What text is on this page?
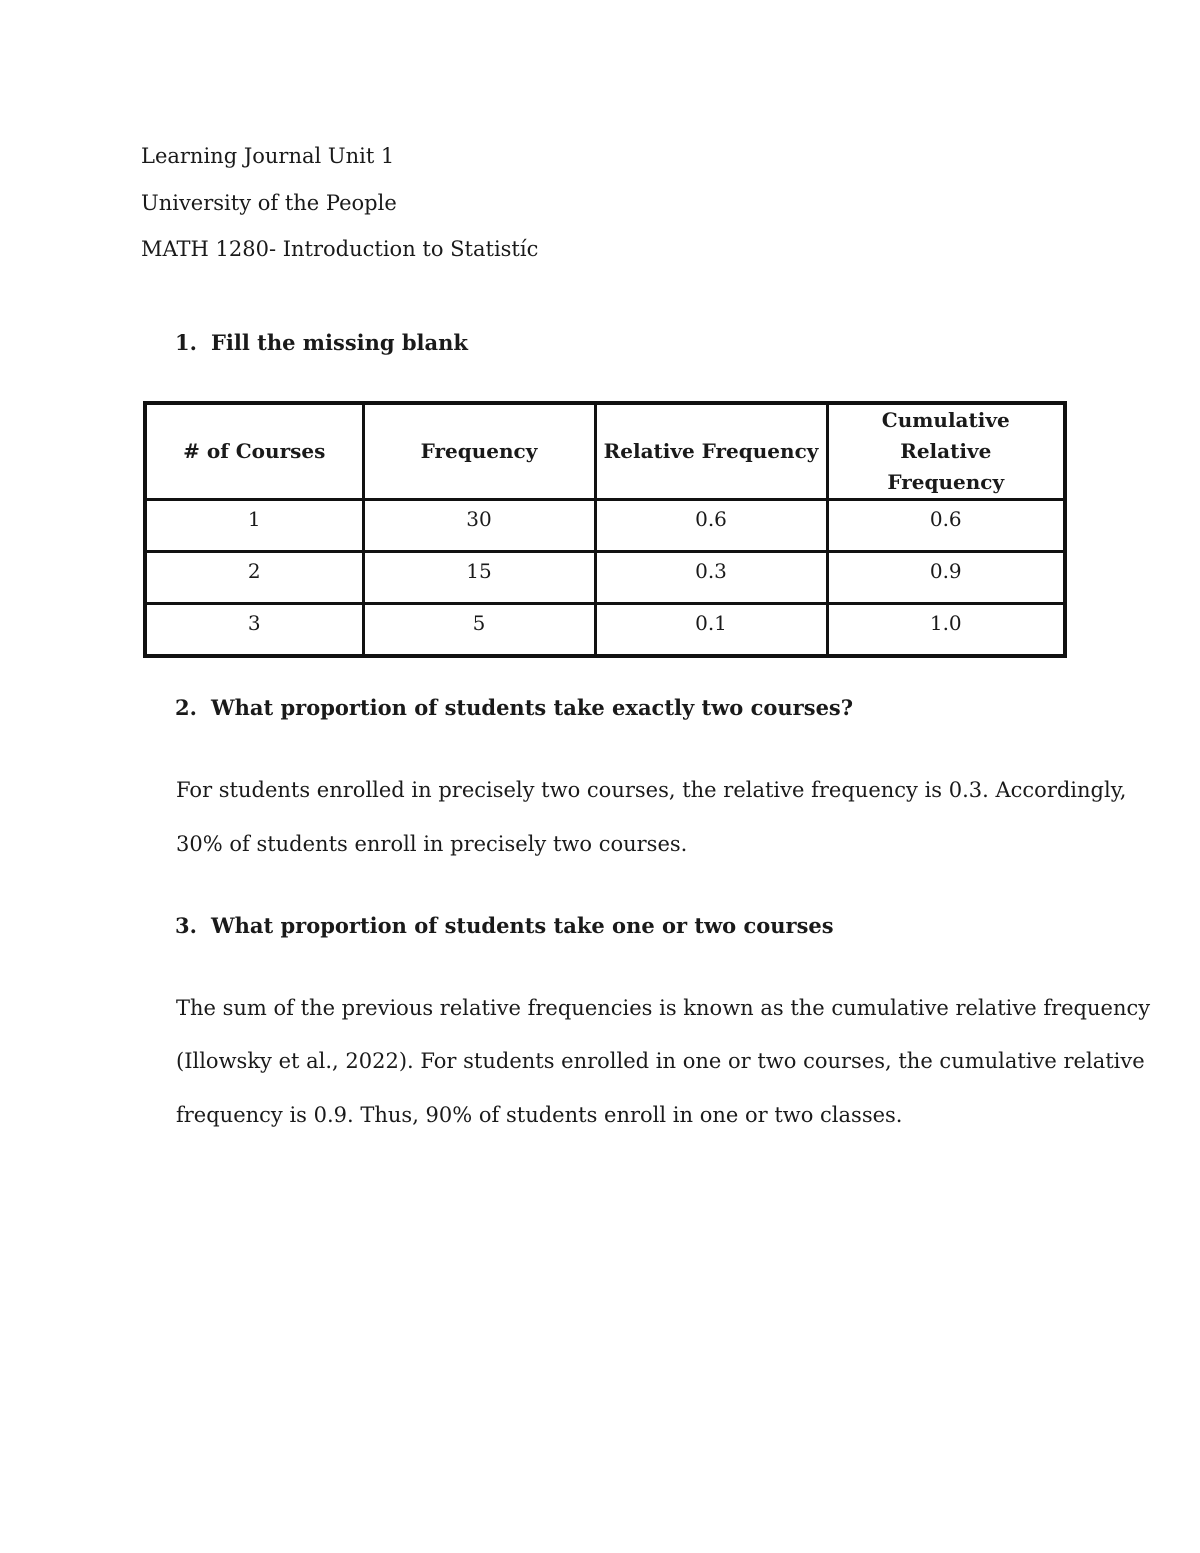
Learning Journal Unit 1
University of the People
MATH 1280- Introduction to Statistíc
1. Fill the missing blank
# of Courses	Frequency	Relative Frequency	Cumulative Relative Frequency
1	30	0.6	0.6
2	15	0.3	0.9
3	5	0.1	1.0
2. What proportion of students take exactly two courses?
For students enrolled in precisely two courses, the relative frequency is 0.3. Accordingly,
30% of students enroll in precisely two courses.
3. What proportion of students take one or two courses
The sum of the previous relative frequencies is known as the cumulative relative frequency
(Illowsky et al., 2022). For students enrolled in one or two courses, the cumulative relative
frequency is 0.9. Thus, 90% of students enroll in one or two classes.
